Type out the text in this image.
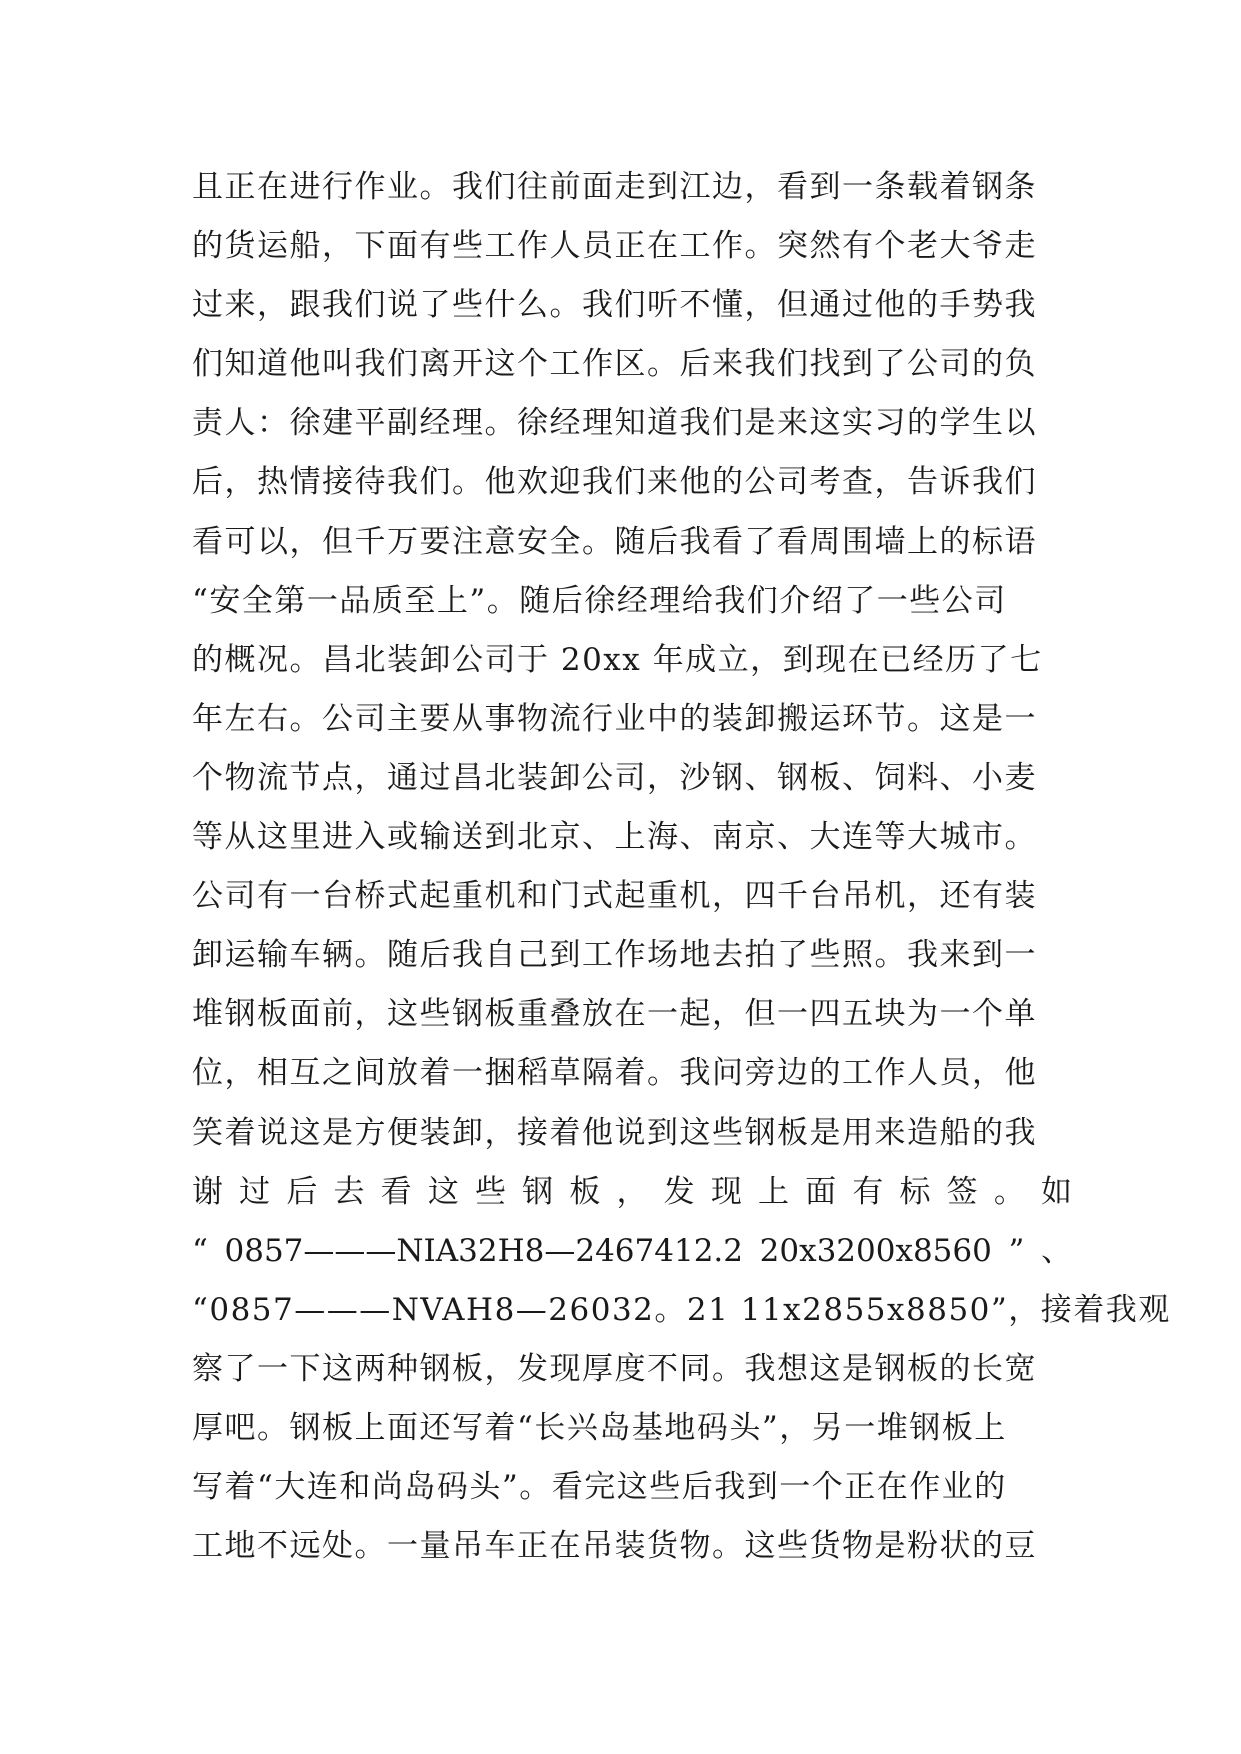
且正在进行作业。我们往前面走到江边，看到一条载着钢条
的货运船，下面有些工作人员正在工作。突然有个老大爷走
过来，跟我们说了些什么。我们听不懂，但通过他的手势我
们知道他叫我们离开这个工作区。后来我们找到了公司的负
责人：徐建平副经理。徐经理知道我们是来这实习的学生以
后，热情接待我们。他欢迎我们来他的公司考查，告诉我们
看可以，但千万要注意安全。随后我看了看周围墙上的标语
“安全第一品质至上”。随后徐经理给我们介绍了一些公司
的概况。昌北装卸公司于 20xx 年成立，到现在已经历了七
年左右。公司主要从事物流行业中的装卸搬运环节。这是一
个物流节点，通过昌北装卸公司，沙钢、钢板、饲料、小麦
等从这里进入或输送到北京、上海、南京、大连等大城市。
公司有一台桥式起重机和门式起重机，四千台吊机，还有装
卸运输车辆。随后我自己到工作场地去拍了些照。我来到一
堆钢板面前，这些钢板重叠放在一起，但一四五块为一个单
位，相互之间放着一捆稻草隔着。我问旁边的工作人员，他
笑着说这是方便装卸，接着他说到这些钢板是用来造船的我
谢 过 后 去 看 这 些 钢 板 ， 发 现 上 面 有 标 签 。 如
“ 0857———NIA32H8—2467412.2 20x3200x8560 ” 、
“0857———NVAH8—26032。21 11x2855x8850”，接着我观
察了一下这两种钢板，发现厚度不同。我想这是钢板的长宽
厚吧。钢板上面还写着“长兴岛基地码头”，另一堆钢板上
写着“大连和尚岛码头”。看完这些后我到一个正在作业的
工地不远处。一量吊车正在吊装货物。这些货物是粉状的豆
